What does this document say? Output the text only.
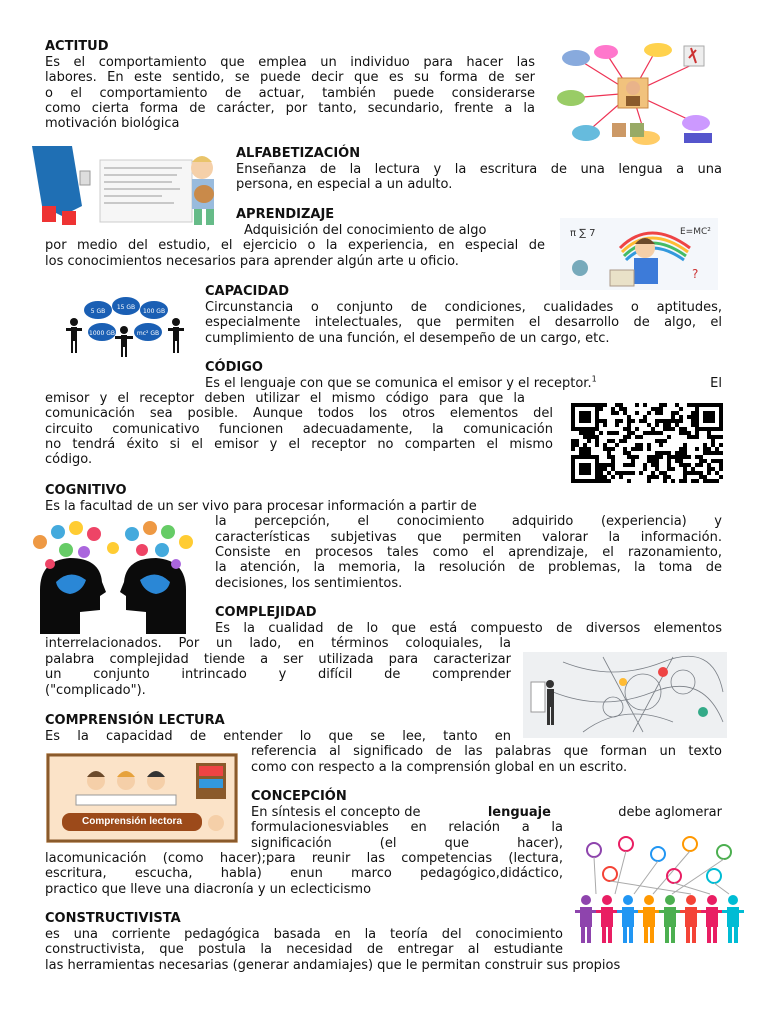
ACTITUD
Es el comportamiento que emplea un individuo para hacer las
labores. En este sentido, se puede decir que es su forma de ser
o el comportamiento de actuar, también puede considerarse
como cierta forma de carácter, por tanto, secundario, frente a la
motivación biológica
ALFABETIZACIÓN
Enseñanza de la lectura y la escritura de una lengua a una
persona, en especial a un adulto.
APRENDIZAJE
Adquisición del conocimiento de algo
por medio del estudio, el ejercicio o la experiencia, en especial de
los conocimientos necesarios para aprender algún arte u oficio.
π ∑ 7	E=MC²
?
5 GB
15 GB
100 GB
1000 GB	mc² GB
CAPACIDAD
Circunstancia o conjunto de condiciones, cualidades o aptitudes,
especialmente intelectuales, que permiten el desarrollo de algo, el
cumplimiento de una función, el desempeño de un cargo, etc.
CÓDIGO
Es el lenguaje con que se comunica el emisor y el receptor.$^1$	El
emisor y el receptor deben utilizar el mismo código para que la
comunicación sea posible. Aunque todos los otros elementos del
circuito comunicativo funcionen adecuadamente, la comunicación
no tendrá éxito si el emisor y el receptor no comparten el mismo
código.
COGNITIVO
Es la facultad de un ser vivo para procesar información a partir de
la percepción, el conocimiento adquirido (experiencia) y
características subjetivas que permiten valorar la información.
Consiste en procesos tales como el aprendizaje, el razonamiento,
la atención, la memoria, la resolución de problemas, la toma de
decisiones, los sentimientos.
COMPLEJIDAD
Es la cualidad de lo que está compuesto de diversos elementos
interrelacionados. Por un lado, en términos coloquiales, la
palabra complejidad tiende a ser utilizada para caracterizar
un conjunto intrincado y difícil de comprender
("complicado").
COMPRENSIÓN LECTURA
Es la capacidad de entender lo que se lee, tanto en
referencia al significado de las palabras que forman un texto
como con respecto a la comprensión global en un escrito.
Comprensión lectora
CONCEPCIÓN
En síntesis el concepto de	lenguaje	debe aglomerar
formulacionesviables en relación a la
significación (el que hacer),
lacomunicación (como hacer);para reunir las competencias (lectura,
escritura, escucha, habla) enun marco pedagógico,didáctico,
practico que lleve una diacronía y un eclecticismo
CONSTRUCTIVISTA
es una corriente pedagógica basada en la teoría del conocimiento
constructivista, que postula la necesidad de entregar al estudiante
las herramientas necesarias (generar andamiajes) que le permitan construir sus propios
